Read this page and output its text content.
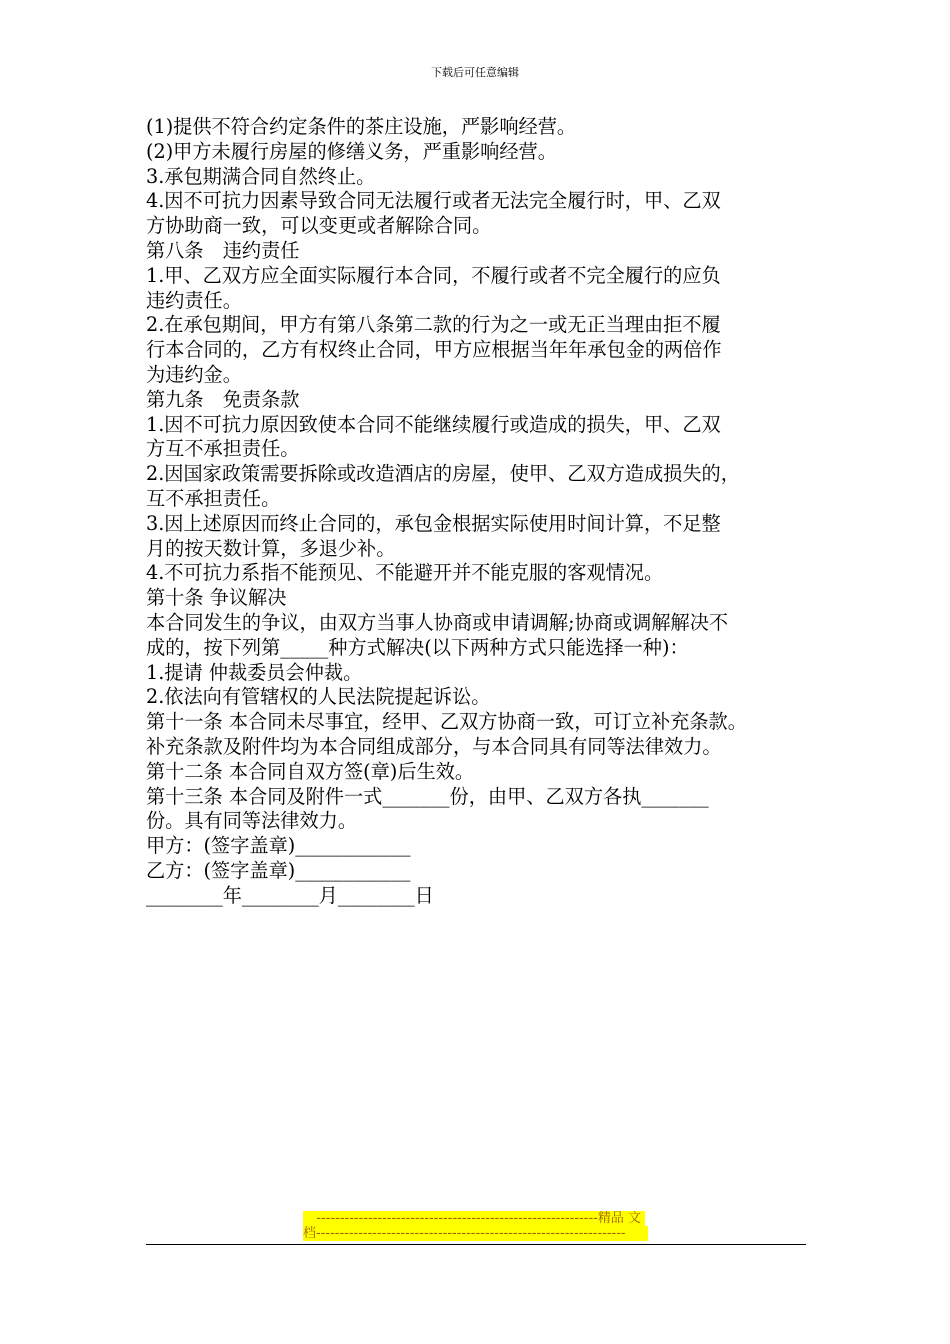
下载后可任意编辑
(1)提供不符合约定条件的茶庄设施，严影响经营。
(2)甲方未履行房屋的修缮义务，严重影响经营。
3.承包期满合同自然终止。
4.因不可抗力因素导致合同无法履行或者无法完全履行时，甲、乙双
方协助商一致，可以变更或者解除合同。
第八条　违约责任
1.甲、乙双方应全面实际履行本合同，不履行或者不完全履行的应负
违约责任。
2.在承包期间，甲方有第八条第二款的行为之一或无正当理由拒不履
行本合同的，乙方有权终止合同，甲方应根据当年年承包金的两倍作
为违约金。
第九条　免责条款
1.因不可抗力原因致使本合同不能继续履行或造成的损失，甲、乙双
方互不承担责任。
2.因国家政策需要拆除或改造酒店的房屋，使甲、乙双方造成损失的，
互不承担责任。
3.因上述原因而终止合同的，承包金根据实际使用时间计算，不足整
月的按天数计算，多退少补。
4.不可抗力系指不能预见、不能避开并不能克服的客观情况。
第十条 争议解决
本合同发生的争议，由双方当事人协商或申请调解;协商或调解解决不
成的，按下列第_____种方式解决(以下两种方式只能选择一种)：
1.提请 仲裁委员会仲裁。
2.依法向有管辖权的人民法院提起诉讼。
第十一条 本合同未尽事宜，经甲、乙双方协商一致，可订立补充条款。
补充条款及附件均为本合同组成部分，与本合同具有同等法律效力。
第十二条 本合同自双方签(章)后生效。
第十三条 本合同及附件一式_______份，由甲、乙双方各执_______
份。具有同等法律效力。
甲方：(签字盖章)____________
乙方：(签字盖章)____________
________年________月________日
------------------------------------------------------------精品 文
档------------------------------------------------------------------
